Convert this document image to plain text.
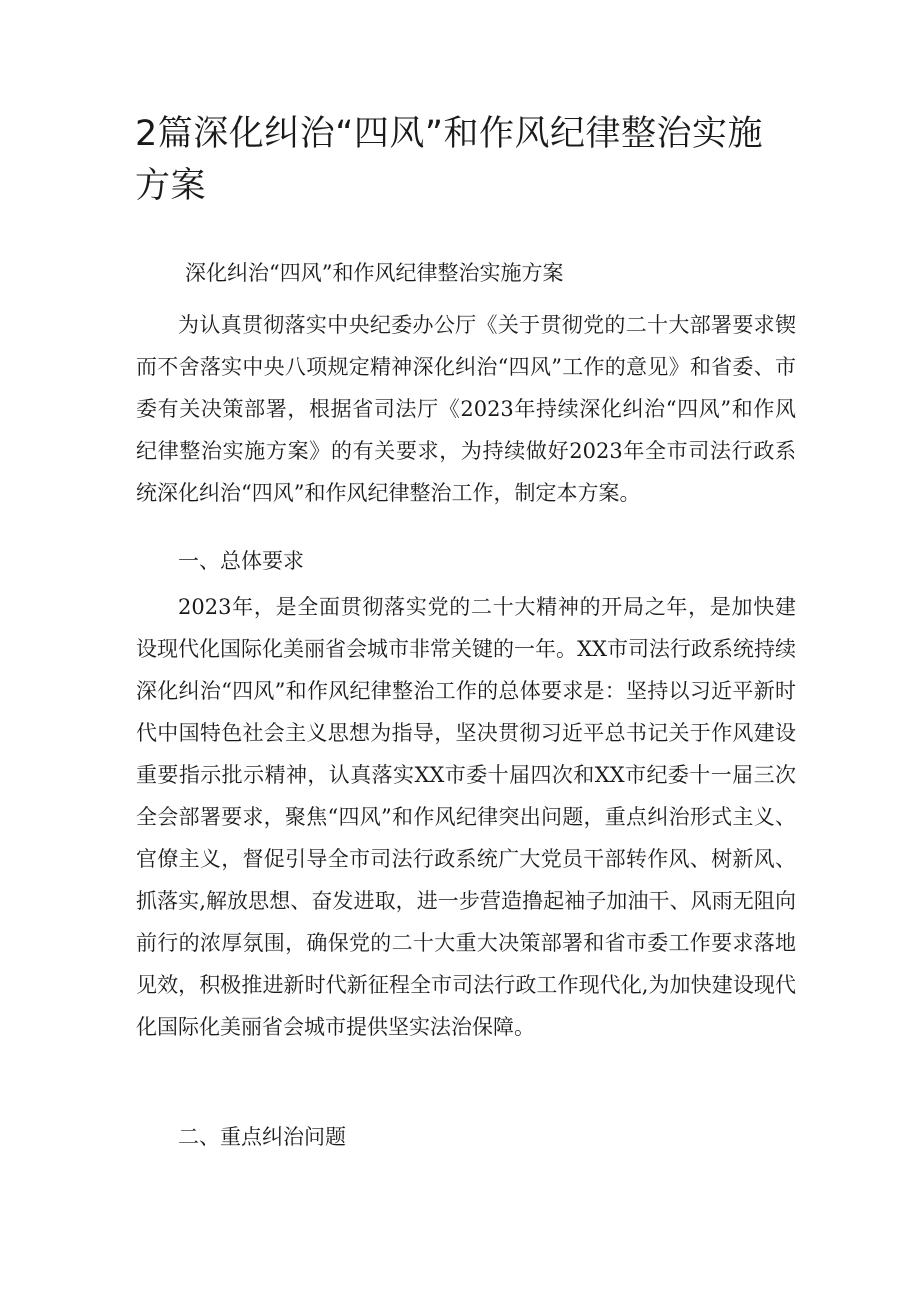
2篇深化纠治“四风”和作风纪律整治实施方案

深化纠治“四风”和作风纪律整治实施方案

为认真贯彻落实中央纪委办公厅《关于贯彻党的二十大部署要求锲而不舍落实中央八项规定精神深化纠治“四风”工作的意见》和省委、市委有关决策部署，根据省司法厅《2023年持续深化纠治“四风”和作风纪律整治实施方案》的有关要求，为持续做好2023年全市司法行政系统深化纠治“四风”和作风纪律整治工作，制定本方案。

一、总体要求

2023年，是全面贯彻落实党的二十大精神的开局之年，是加快建设现代化国际化美丽省会城市非常关键的一年。XX市司法行政系统持续深化纠治“四风”和作风纪律整治工作的总体要求是：坚持以习近平新时代中国特色社会主义思想为指导，坚决贯彻习近平总书记关于作风建设重要指示批示精神，认真落实XX市委十届四次和XX市纪委十一届三次全会部署要求，聚焦“四风”和作风纪律突出问题，重点纠治形式主义、官僚主义，督促引导全市司法行政系统广大党员干部转作风、树新风、抓落实,解放思想、奋发进取，进一步营造撸起袖子加油干、风雨无阻向前行的浓厚氛围，确保党的二十大重大决策部署和省市委工作要求落地见效，积极推进新时代新征程全市司法行政工作现代化,为加快建设现代化国际化美丽省会城市提供坚实法治保障。

二、重点纠治问题
